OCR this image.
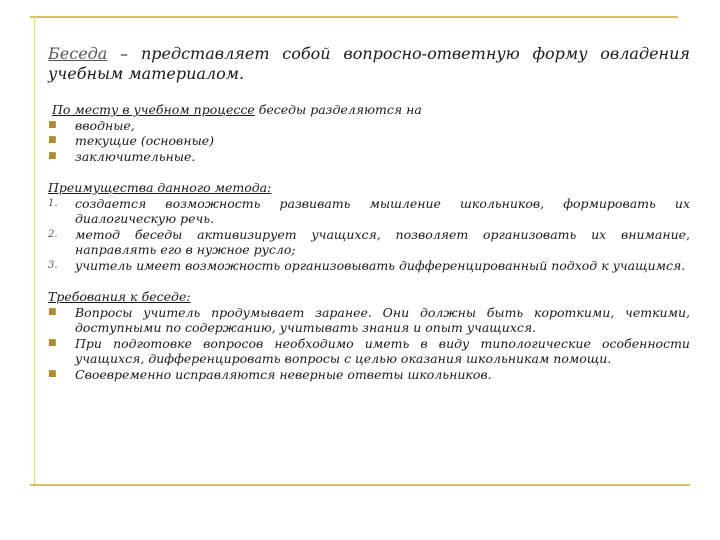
Беседа – представляет собой вопросно-ответную форму овладения учебным материалом.

По месту в учебном процессе беседы разделяются на
■	вводные,
■	текущие (основные)
■	заключительные.
Преимущества данного метода:
1.	создается возможность развивать мышление школьников, формировать их диалогическую речь.
2.	метод беседы активизирует учащихся, позволяет организовать их внимание, направлять его в нужное русло;
3.	учитель имеет возможность организовывать дифференцированный подход к учащимся.
Требования к беседе:
■	Вопросы учитель продумывает заранее. Они должны быть короткими, четкими, доступными по содержанию, учитывать знания и опыт учащихся.
■	При подготовке вопросов необходимо иметь в виду типологические особенности учащихся, дифференцировать вопросы с целью оказания школьникам помощи.
■	Своевременно исправляются неверные ответы школьников.
